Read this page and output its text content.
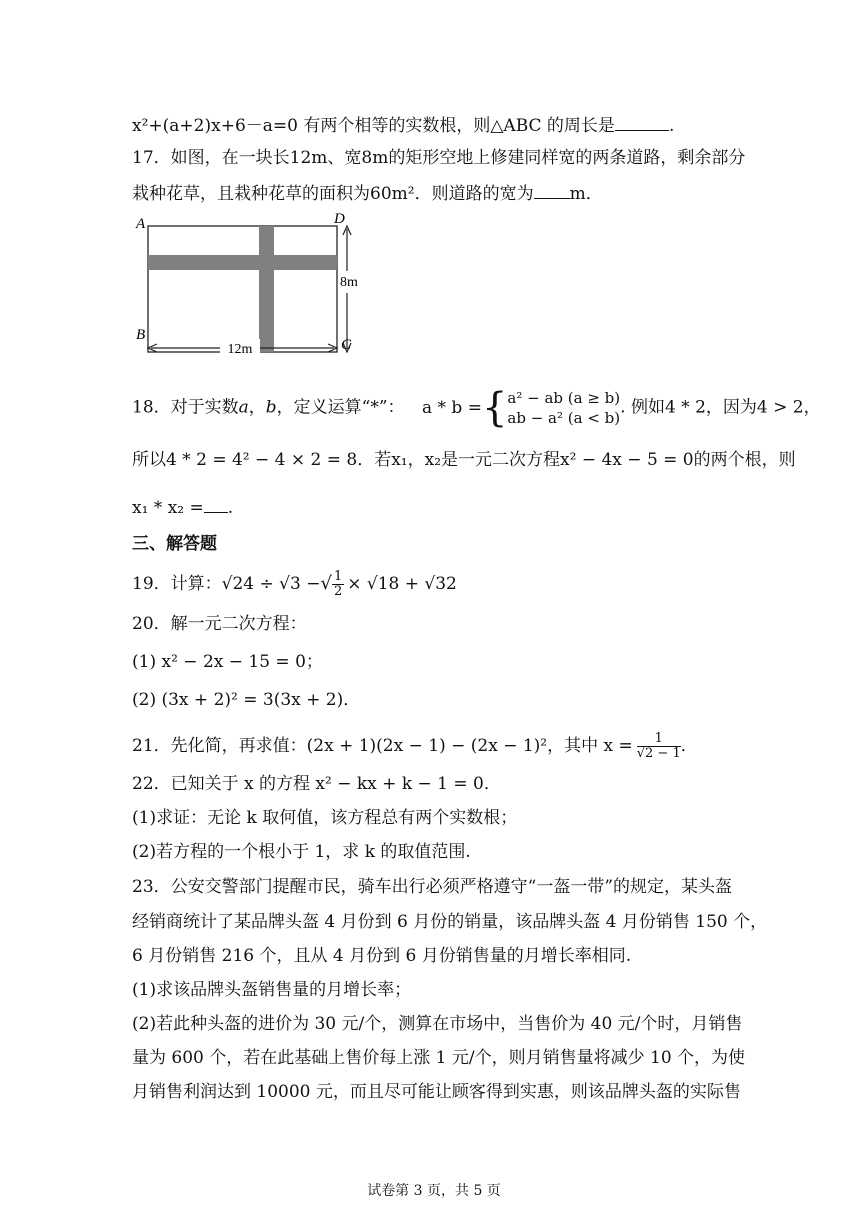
x²+(a+2)x+6－a=0 有两个相等的实数根，则△ABC 的周长是	.
17．如图，在一块长12m、宽8m的矩形空地上修建同样宽的两条道路，剩余部分
栽种花草，且栽种花草的面积为60m²．则道路的宽为 m．
12m
8m
A
B
C
D
18．对于实数a，b，定义运算“*”： a * b ={ a² − ab (a ≥ b)
ab − a² (a < b)
. 例如4 * 2，因为4 > 2，
所以4 * 2 = 4² − 4 × 2 = 8．若x₁，x₂是一元二次方程x² − 4x − 5 = 0的两个根，则
x₁ * x₂ = .
三、解答题
19．计算：√24 ÷ √3 −√ $\frac{1}{2} \times √18 + √32$
20．解一元二次方程：
(1) x² − 2x − 15 = 0；
(2) (3x + 2)² = 3(3x + 2)．
21．先化简，再求值：(2x + 1)(2x − 1) − (2x − 1)²，其中 $x = \frac{1}{√2 - 1}$ ．
22．已知关于 x 的方程 x² − kx + k − 1 = 0．
(1)求证：无论 k 取何值，该方程总有两个实数根；
(2)若方程的一个根小于 1，求 k 的取值范围.
23．公安交警部门提醒市民，骑车出行必须严格遵守“一盔一带”的规定，某头盔
经销商统计了某品牌头盔 4 月份到 6 月份的销量，该品牌头盔 4 月份销售 150 个，
6 月份销售 216 个，且从 4 月份到 6 月份销售量的月增长率相同.
(1)求该品牌头盔销售量的月增长率；
(2)若此种头盔的进价为 30 元/个，测算在市场中，当售价为 40 元/个时，月销售
量为 600 个，若在此基础上售价每上涨 1 元/个，则月销售量将减少 10 个，为使
月销售利润达到 10000 元，而且尽可能让顾客得到实惠，则该品牌头盔的实际售
试卷第 3 页，共 5 页
